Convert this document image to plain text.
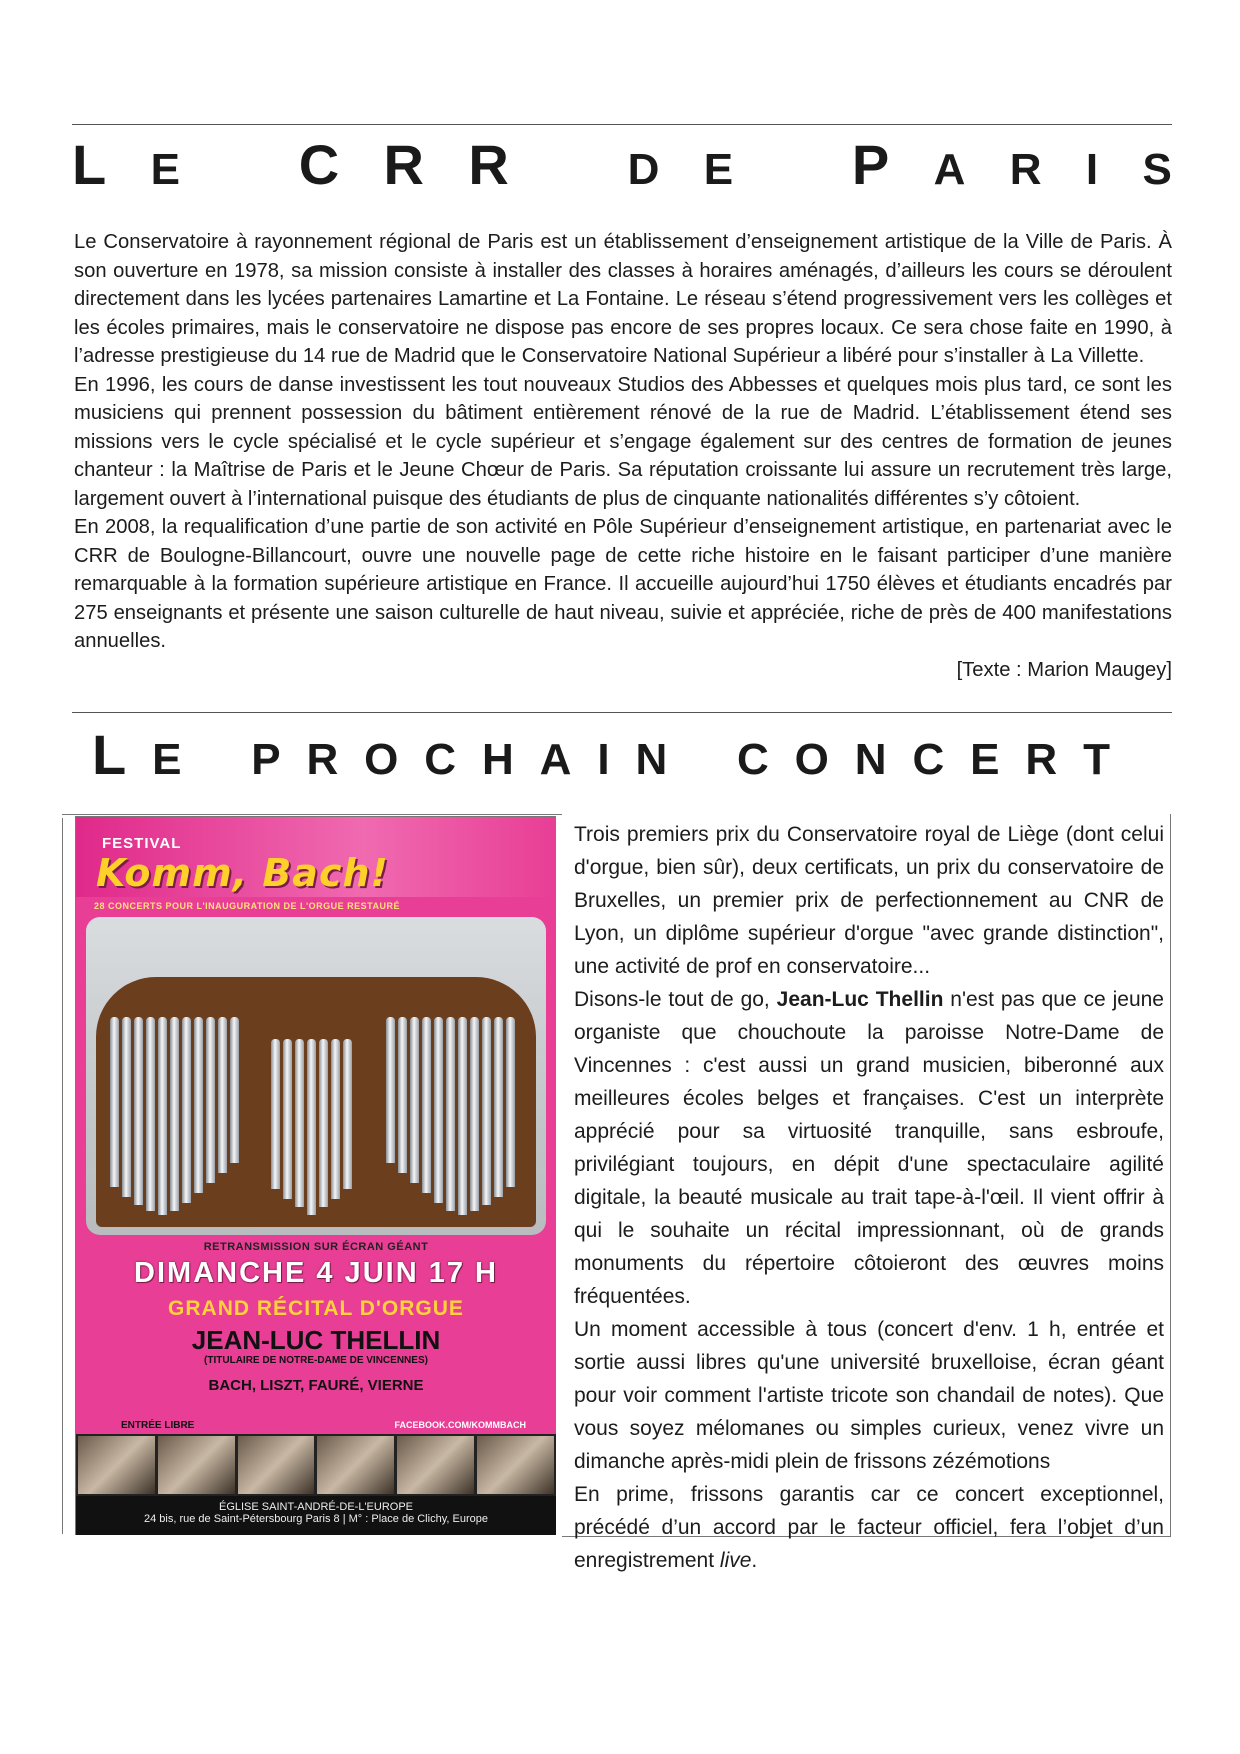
L E C R R	D E P A R I S

Le Conservatoire à rayonnement régional de Paris est un établissement d’enseignement artistique de la Ville de Paris. À son ouverture en 1978, sa mission consiste à installer des classes à horaires aménagés, d’ailleurs les cours se déroulent directement dans les lycées partenaires Lamartine et La Fontaine. Le réseau s’étend progressivement vers les collèges et les écoles primaires, mais le conservatoire ne dispose pas encore de ses propres locaux. Ce sera chose faite en 1990, à l’adresse prestigieuse du 14 rue de Madrid que le Conservatoire National Supérieur a libéré pour s’installer à La Villette.

En 1996, les cours de danse investissent les tout nouveaux Studios des Abbesses et quelques mois plus tard, ce sont les musiciens qui prennent possession du bâtiment entièrement rénové de la rue de Madrid. L’établissement étend ses missions vers le cycle spécialisé et le cycle supérieur et s’engage également sur des centres de formation de jeunes chanteur : la Maîtrise de Paris et le Jeune Chœur de Paris. Sa réputation croissante lui assure un recrutement très large, largement ouvert à l’international puisque des étudiants de plus de cinquante nationalités différentes s’y côtoient.

En 2008, la requalification d’une partie de son activité en Pôle Supérieur d’enseignement artistique, en partenariat avec le CRR de Boulogne-Billancourt, ouvre une nouvelle page de cette riche histoire en le faisant participer d’une manière remarquable à la formation supérieure artistique en France. Il accueille aujourd’hui 1750 élèves et étudiants encadrés par 275 enseignants et présente une saison culturelle de haut niveau, suivie et appréciée, riche de près de 400 manifestations annuelles.

[Texte : Marion Maugey]

L E P R O C H A I N C O N C E R T
FESTIVAL
Komm, Bach!
28 CONCERTS POUR L'INAUGURATION DE L'ORGUE RESTAURÉ
RETRANSMISSION SUR ÉCRAN GÉANT
DIMANCHE 4 JUIN 17 H
GRAND RÉCITAL D'ORGUE
JEAN-LUC THELLIN
(TITULAIRE DE NOTRE-DAME DE VINCENNES)
BACH, LISZT, FAURÉ, VIERNE
ENTRÉE LIBRE	FACEBOOK.COM/KOMMBACH
ÉGLISE SAINT-ANDRÉ-DE-L'EUROPE
24 bis, rue de Saint-Pétersbourg Paris 8 | M° : Place de Clichy, Europe

Trois premiers prix du Conservatoire royal de Liège (dont celui d'orgue, bien sûr), deux certificats, un prix du conservatoire de Bruxelles, un premier prix de perfectionnement au CNR de Lyon, un diplôme supérieur d'orgue "avec grande distinction", une activité de prof en conservatoire...

Disons-le tout de go, Jean-Luc Thellin n'est pas que ce jeune organiste que chouchoute la paroisse Notre-Dame de Vincennes : c'est aussi un grand musicien, biberonné aux meilleures écoles belges et françaises. C'est un interprète apprécié pour sa virtuosité tranquille, sans esbroufe, privilégiant toujours, en dépit d'une spectaculaire agilité digitale, la beauté musicale au trait tape-à-l'œil. Il vient offrir à qui le souhaite un récital impressionnant, où de grands monuments du répertoire côtoieront des œuvres moins fréquentées.

Un moment accessible à tous (concert d'env. 1 h, entrée et sortie aussi libres qu'une université bruxelloise, écran géant pour voir comment l'artiste tricote son chandail de notes). Que vous soyez mélomanes ou simples curieux, venez vivre un dimanche après-midi plein de frissons zézémotions

En prime, frissons garantis car ce concert exceptionnel, précédé d’un accord par le facteur officiel, fera l’objet d’un enregistrement live.
